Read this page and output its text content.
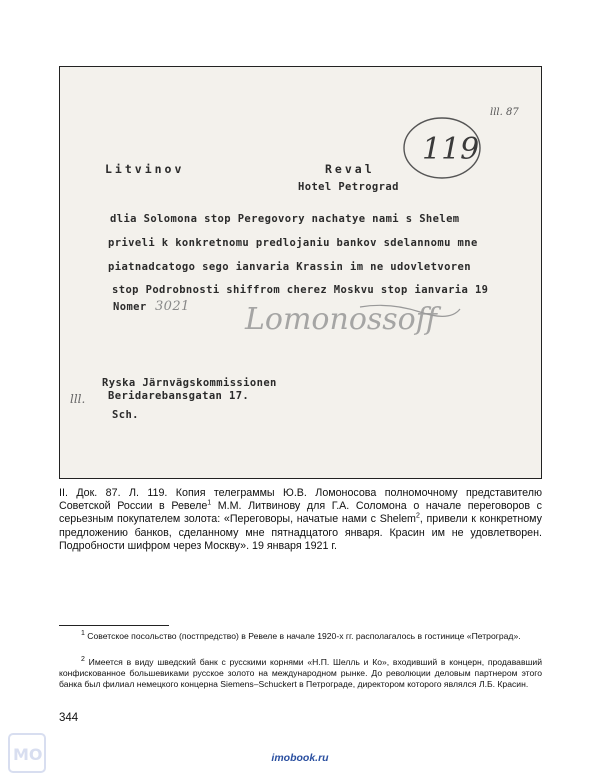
119
lll. 87
Lomonossoff
lll.

Litvinov	Reval

Hotel Petrograd

dlia Solomona stop Peregovory nachatye nami s Shelem

priveli k konkretnomu predlojaniu bankov sdelannomu mne

piatnadcatogo sego ianvaria Krassin im ne udovletvoren

stop Podrobnosti shiffrom cherez Moskvu stop ianvaria 19

Nomer 3021

Ryska Järnvägskommissionen

Beridarebansgatan 17.

Sch.

II. Док. 87. Л. 119. Копия телеграммы Ю.В. Ломоносова полномочному представителю Советской России в Ревеле$^1$ М.М. Литвинову для Г.А. Соломона о начале переговоров с серьезным покупателем золота: «Переговоры, начатые нами с Shelem$^2$, привели к конкретному предложению банков, сделанному мне пятнадцатого января. Красин им не удовлетворен. Подробности шифром через Москву». 19 января 1921 г.

$^1$ Советское посольство (постпредство) в Ревеле в начале 1920-х гг. располагалось в гостинице «Петроград».

$^2$ Имеется в виду шведский банк с русскими корнями «Н.П. Шелль и Ко», входивший в концерн, продававший конфискованное большевиками русское золото на международном рынке. До революции деловым партнером этого банка был филиал немецкого концерна Siemens–Schuckert в Петрограде, директором которого являлся Л.Б. Красин.

344

MO	imobook.ru
